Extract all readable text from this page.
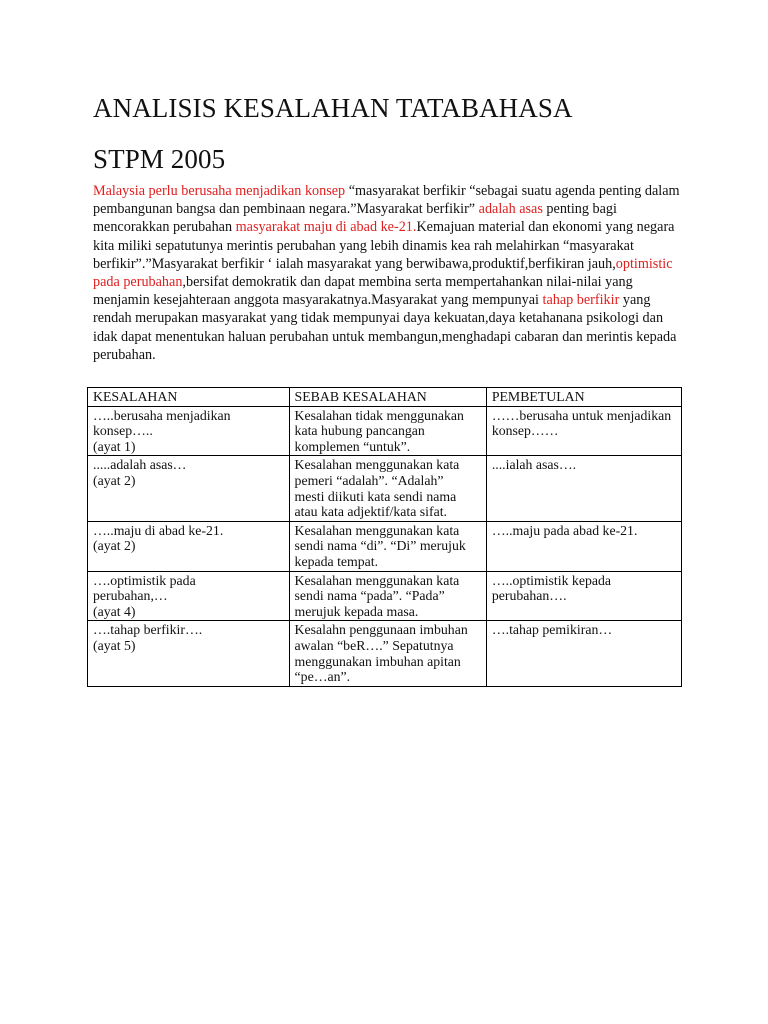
ANALISIS KESALAHAN TATABAHASA
STPM 2005

Malaysia perlu berusaha menjadikan konsep “masyarakat berfikir “sebagai suatu agenda penting dalam pembangunan bangsa dan pembinaan negara.”Masyarakat berfikir” adalah asas penting bagi mencorakkan perubahan masyarakat maju di abad ke-21.Kemajuan material dan ekonomi yang negara kita miliki sepatutunya merintis perubahan yang lebih dinamis kea rah melahirkan “masyarakat berfikir”.”Masyarakat berfikir ‘ ialah masyarakat yang berwibawa,produktif,berfikiran jauh,optimistic pada perubahan,bersifat demokratik dan dapat membina serta mempertahankan nilai-nilai yang menjamin kesejahteraan anggota masyarakatnya.Masyarakat yang mempunyai tahap berfikir yang rendah merupakan masyarakat yang tidak mempunyai daya kekuatan,daya ketahanana psikologi dan idak dapat menentukan haluan perubahan untuk membangun,menghadapi cabaran dan merintis kepada perubahan.

KESALAHAN	SEBAB KESALAHAN	PEMBETULAN

…..berusaha menjadikan
konsep…..
(ayat 1)	Kesalahan tidak menggunakan
kata hubung pancangan
komplemen “untuk”.	……berusaha untuk menjadikan
konsep……

.....adalah asas…
(ayat 2)	Kesalahan menggunakan kata
pemeri “adalah”. “Adalah”
mesti diikuti kata sendi nama
atau kata adjektif/kata sifat.	....ialah asas….

…..maju di abad ke-21.
(ayat 2)	Kesalahan menggunakan kata
sendi nama “di”. “Di” merujuk
kepada tempat.	…..maju pada abad ke-21.

….optimistik pada
perubahan,…
(ayat 4)	Kesalahan menggunakan kata
sendi nama “pada”. “Pada”
merujuk kepada masa.	…..optimistik kepada
perubahan….

….tahap berfikir….
(ayat 5)	Kesalahn penggunaan imbuhan
awalan “beR….” Sepatutnya
menggunakan imbuhan apitan
“pe…an”.	….tahap pemikiran…
